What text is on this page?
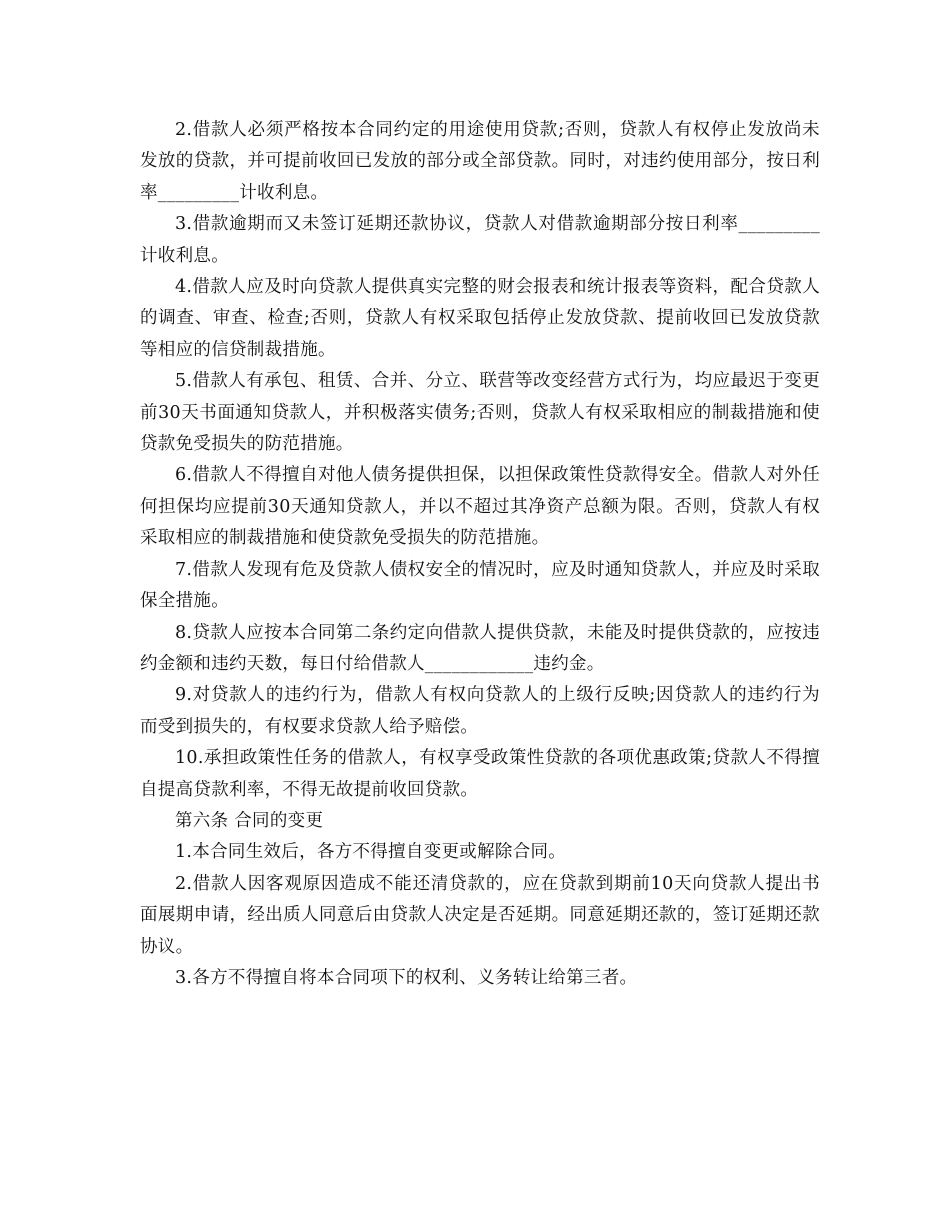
2.借款人必须严格按本合同约定的用途使用贷款;否则，贷款人有权停止发放尚未发放的贷款，并可提前收回已发放的部分或全部贷款。同时，对违约使用部分，按日利率_________计收利息。

3.借款逾期而又未签订延期还款协议，贷款人对借款逾期部分按日利率_________计收利息。

4.借款人应及时向贷款人提供真实完整的财会报表和统计报表等资料，配合贷款人的调查、审查、检查;否则，贷款人有权采取包括停止发放贷款、提前收回已发放贷款等相应的信贷制裁措施。

5.借款人有承包、租赁、合并、分立、联营等改变经营方式行为，均应最迟于变更前30天书面通知贷款人，并积极落实债务;否则，贷款人有权采取相应的制裁措施和使贷款免受损失的防范措施。

6.借款人不得擅自对他人债务提供担保，以担保政策性贷款得安全。借款人对外任何担保均应提前30天通知贷款人，并以不超过其净资产总额为限。否则，贷款人有权采取相应的制裁措施和使贷款免受损失的防范措施。

7.借款人发现有危及贷款人债权安全的情况时，应及时通知贷款人，并应及时采取保全措施。

8.贷款人应按本合同第二条约定向借款人提供贷款，未能及时提供贷款的，应按违约金额和违约天数，每日付给借款人____________违约金。

9.对贷款人的违约行为，借款人有权向贷款人的上级行反映;因贷款人的违约行为而受到损失的，有权要求贷款人给予赔偿。

10.承担政策性任务的借款人，有权享受政策性贷款的各项优惠政策;贷款人不得擅自提高贷款利率，不得无故提前收回贷款。

第六条 合同的变更

1.本合同生效后，各方不得擅自变更或解除合同。

2.借款人因客观原因造成不能还清贷款的，应在贷款到期前10天向贷款人提出书面展期申请，经出质人同意后由贷款人决定是否延期。同意延期还款的，签订延期还款协议。

3.各方不得擅自将本合同项下的权利、义务转让给第三者。
